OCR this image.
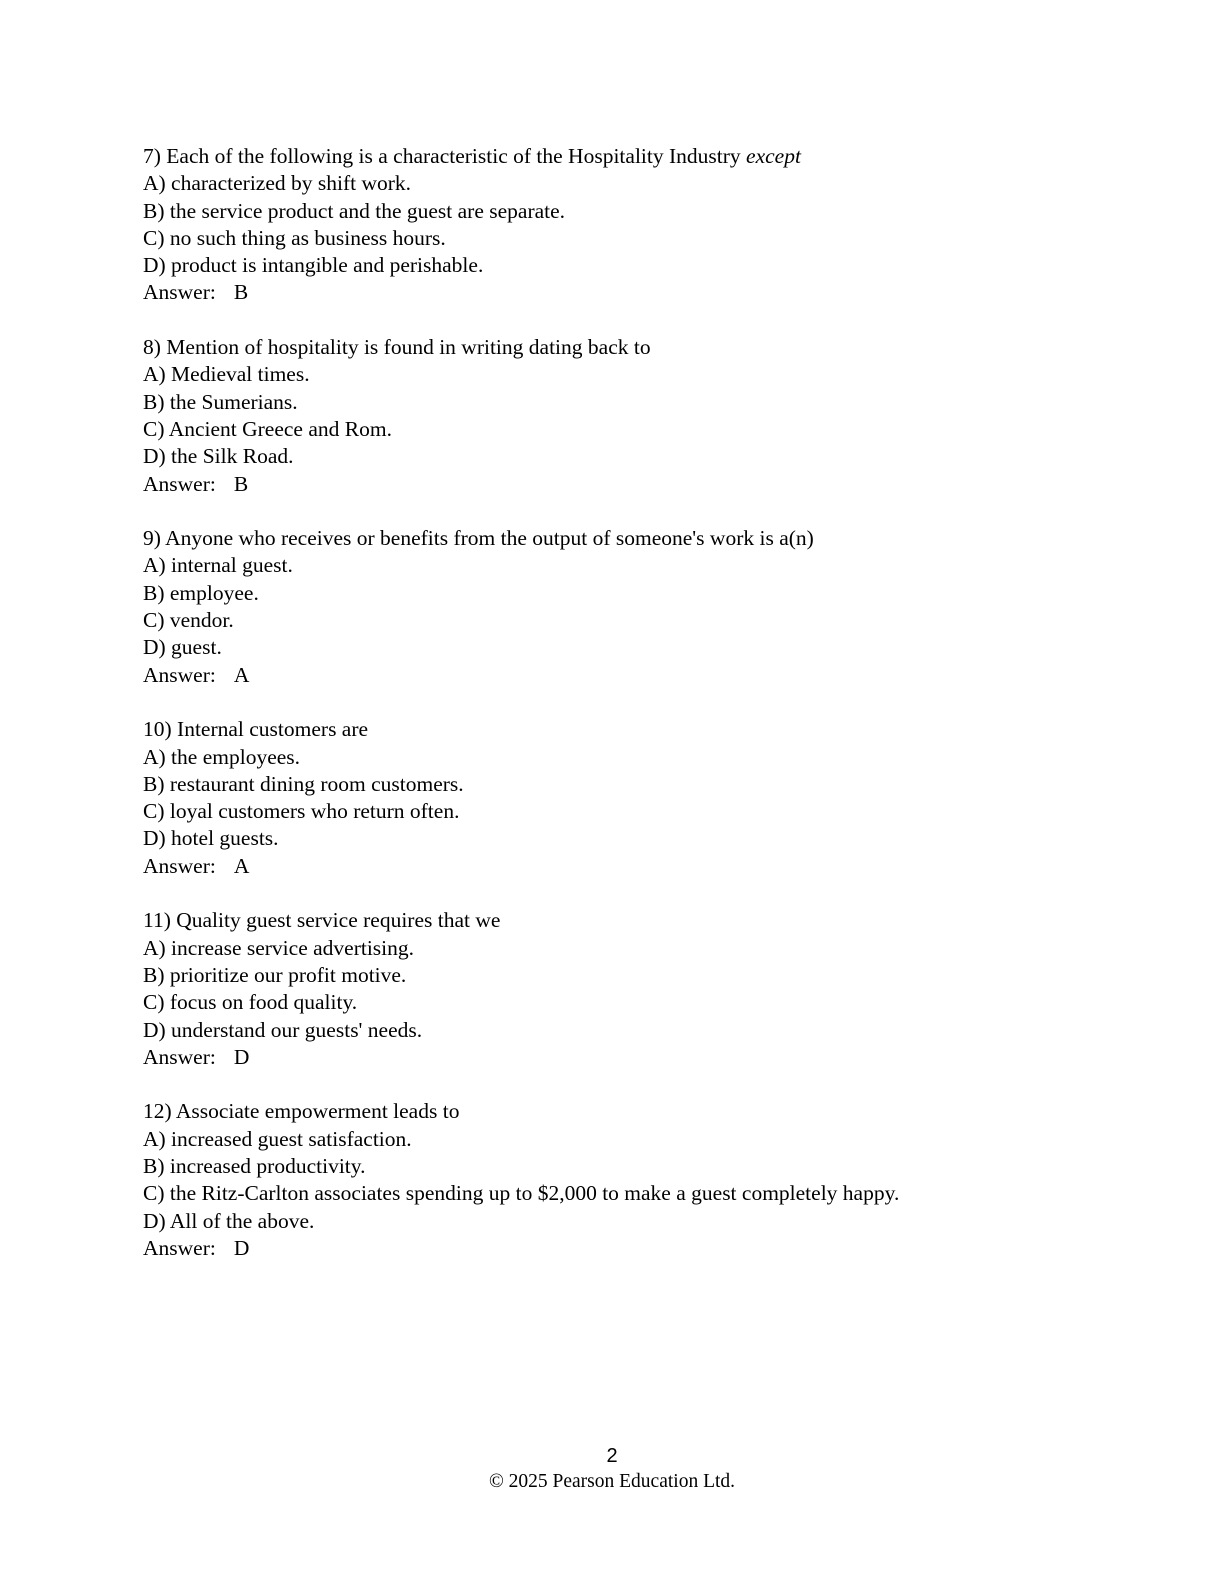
7) Each of the following is a characteristic of the Hospitality Industry except
A) characterized by shift work.
B) the service product and the guest are separate.
C) no such thing as business hours.
D) product is intangible and perishable.
Answer: B
8) Mention of hospitality is found in writing dating back to
A) Medieval times.
B) the Sumerians.
C) Ancient Greece and Rom.
D) the Silk Road.
Answer: B
9) Anyone who receives or benefits from the output of someone's work is a(n)
A) internal guest.
B) employee.
C) vendor.
D) guest.
Answer: A
10) Internal customers are
A) the employees.
B) restaurant dining room customers.
C) loyal customers who return often.
D) hotel guests.
Answer: A
11) Quality guest service requires that we
A) increase service advertising.
B) prioritize our profit motive.
C) focus on food quality.
D) understand our guests' needs.
Answer: D
12) Associate empowerment leads to
A) increased guest satisfaction.
B) increased productivity.
C) the Ritz-Carlton associates spending up to $2,000 to make a guest completely happy.
D) All of the above.
Answer: D
2
© 2025 Pearson Education Ltd.
